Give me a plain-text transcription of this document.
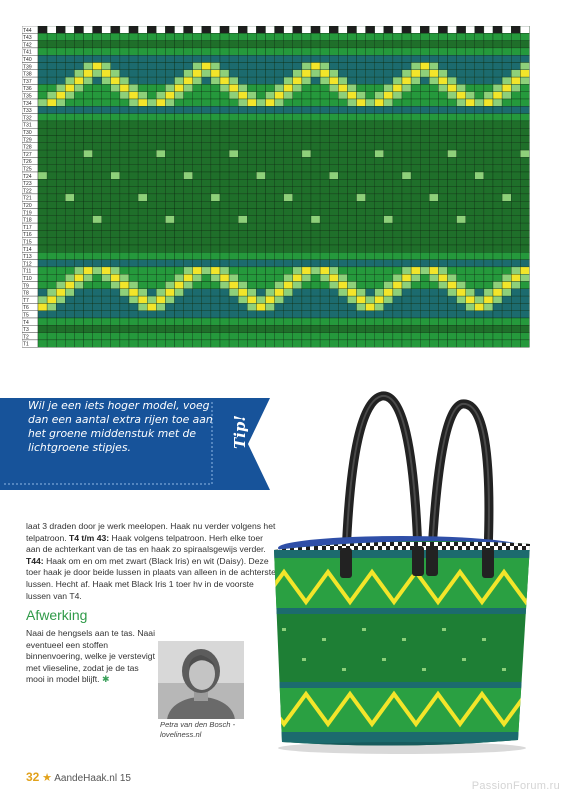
T44
T43
T42
T41
T40
T39
T38
T37
T36
T35
T34
T33
T32
T31
T30
T29
T28
T27
T26
T25
T24
T23
T22
T21
T20
T19
T18
T17
T16
T15
T14
T13
T12
T11
T10
T9
T8
T7
T6
T5
T4
T3
T2
T1

Wil je een iets hoger model, voeg dan een aantal extra rijen toe aan het groene middenstuk met de lichtgroene stipjes.	Tip!

laat 3 draden door je werk meelopen. Haak nu verder volgens het telpatroon. T4 t/m 43: Haak volgens telpatroon. Herh elke toer aan de achterkant van de tas en haak zo spiraalsgewijs verder. T44: Haak om en om met zwart (Black Iris) en wit (Daisy). Deze toer haak je door beide lussen in plaats van alleen in de achterste lussen. Hecht af. Haak met Black Iris 1 toer hv in de voorste lussen van T4.

Afwerking

Naai de hengsels aan te tas. Naai eventueel een stoffen binnenvoering, welke je verstevigt met vlieseline, zodat je de tas mooi in model blijft. ✱

Petra van den Bosch -
loveliness.nl

32 ★ AandeHaak.nl 15
PassionForum.ru
